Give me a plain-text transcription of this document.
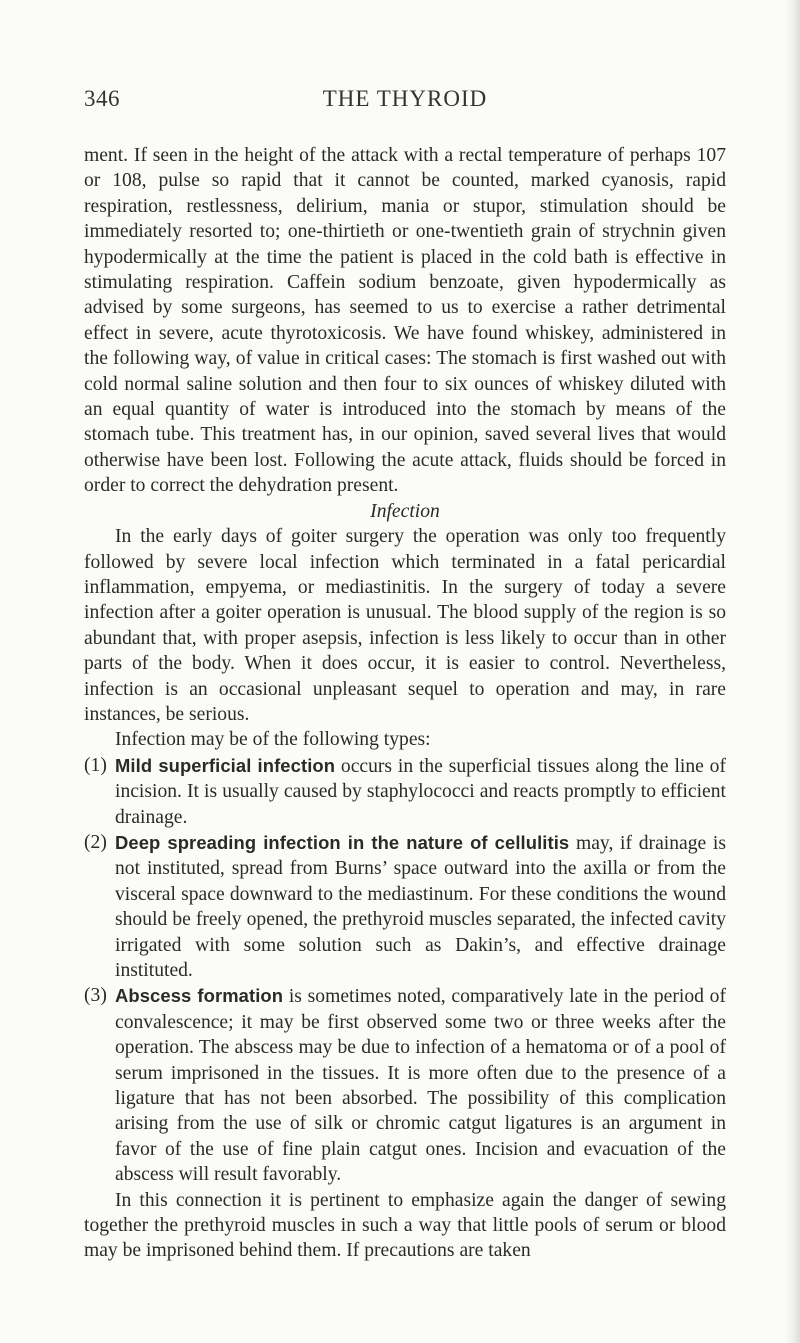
346	THE THYROID

ment. If seen in the height of the attack with a rectal temperature of perhaps 107 or 108, pulse so rapid that it cannot be counted, marked cyanosis, rapid respiration, restlessness, delirium, mania or stupor, stimulation should be immediately resorted to; one-thirtieth or one-twentieth grain of strychnin given hypodermically at the time the patient is placed in the cold bath is effective in stimulating respiration. Caffein sodium benzoate, given hypodermically as advised by some surgeons, has seemed to us to exercise a rather detrimental effect in severe, acute thyrotoxicosis. We have found whiskey, administered in the following way, of value in critical cases: The stomach is first washed out with cold normal saline solution and then four to six ounces of whiskey diluted with an equal quantity of water is introduced into the stomach by means of the stomach tube. This treatment has, in our opinion, saved several lives that would otherwise have been lost. Following the acute attack, fluids should be forced in order to correct the dehydration present.

Infection

In the early days of goiter surgery the operation was only too frequently followed by severe local infection which terminated in a fatal pericardial inflammation, empyema, or mediastinitis. In the surgery of today a severe infection after a goiter operation is unusual. The blood supply of the region is so abundant that, with proper asepsis, infection is less likely to occur than in other parts of the body. When it does occur, it is easier to control. Nevertheless, infection is an occasional unpleasant sequel to operation and may, in rare instances, be serious.

Infection may be of the following types:

(1) Mild superficial infection occurs in the superficial tissues along the line of incision. It is usually caused by staphylococci and reacts promptly to efficient drainage.
(2) Deep spreading infection in the nature of cellulitis may, if drainage is not instituted, spread from Burns’ space outward into the axilla or from the visceral space downward to the mediastinum. For these conditions the wound should be freely opened, the prethyroid muscles separated, the infected cavity irrigated with some solution such as Dakin’s, and effective drainage instituted.
(3) Abscess formation is sometimes noted, comparatively late in the period of convalescence; it may be first observed some two or three weeks after the operation. The abscess may be due to infection of a hematoma or of a pool of serum imprisoned in the tissues. It is more often due to the presence of a ligature that has not been absorbed. The possibility of this complication arising from the use of silk or chromic catgut ligatures is an argument in favor of the use of fine plain catgut ones. Incision and evacuation of the abscess will result favorably.

In this connection it is pertinent to emphasize again the danger of sewing together the prethyroid muscles in such a way that little pools of serum or blood may be imprisoned behind them. If precautions are taken
